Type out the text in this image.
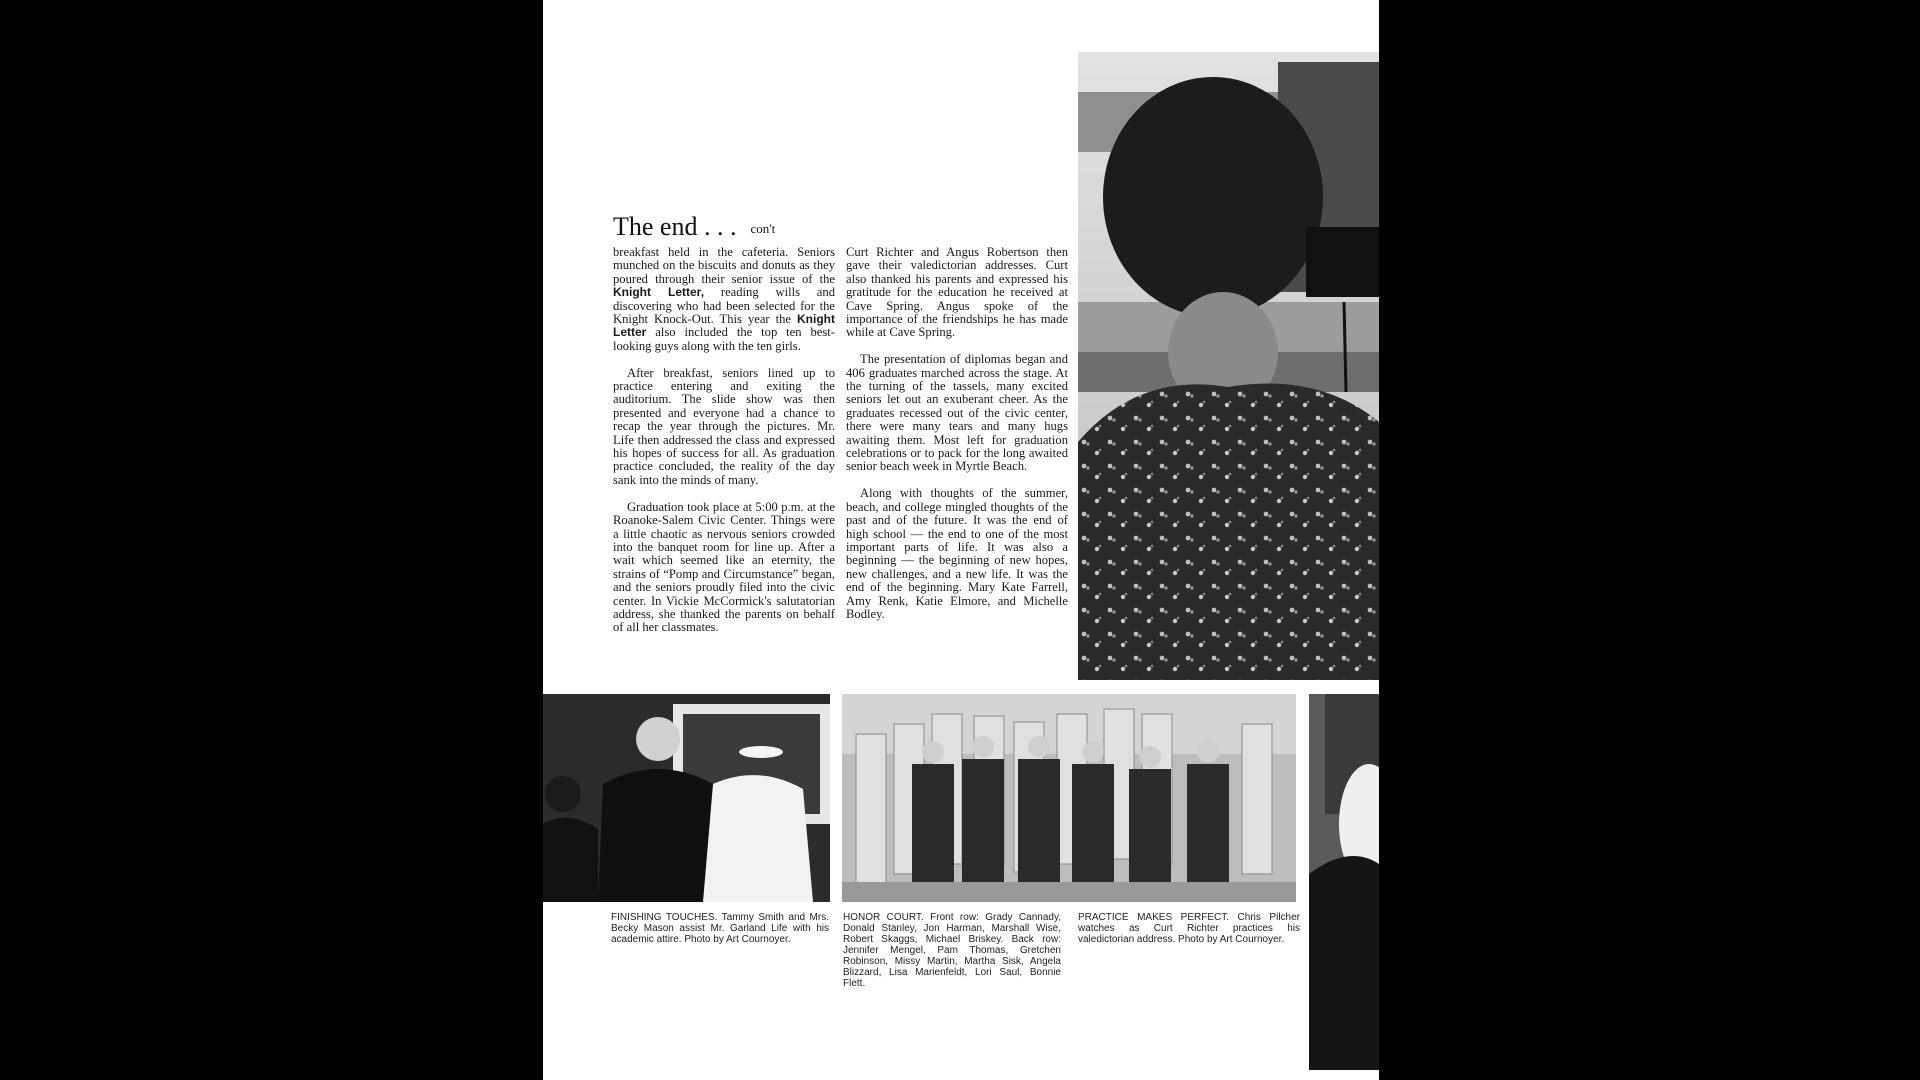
The end . . . con't

breakfast held in the cafeteria. Seniors munched on the biscuits and donuts as they poured through their senior issue of the Knight Letter, reading wills and discovering who had been selected for the Knight Knock-Out. This year the Knight Letter also included the top ten best-looking guys along with the ten girls.

After breakfast, seniors lined up to practice entering and exiting the auditorium. The slide show was then presented and everyone had a chance to recap the year through the pictures. Mr. Life then addressed the class and expressed his hopes of success for all. As graduation practice concluded, the reality of the day sank into the minds of many.

Graduation took place at 5:00 p.m. at the Roanoke-Salem Civic Center. Things were a little chaotic as nervous seniors crowded into the banquet room for line up. After a wait which seemed like an eternity, the strains of “Pomp and Circumstance” began, and the seniors proudly filed into the civic center. In Vickie McCormick's salutatorian address, she thanked the parents on behalf of all her classmates.

Curt Richter and Angus Robertson then gave their valedictorian addresses. Curt also thanked his parents and expressed his gratitude for the education he received at Cave Spring. Angus spoke of the importance of the friendships he has made while at Cave Spring.

The presentation of diplomas began and 406 graduates marched across the stage. At the turning of the tassels, many excited seniors let out an exuberant cheer. As the graduates recessed out of the civic center, there were many tears and many hugs awaiting them. Most left for graduation celebrations or to pack for the long awaited senior beach week in Myrtle Beach.

Along with thoughts of the summer, beach, and college mingled thoughts of the past and of the future. It was the end of high school — the end to one of the most important parts of life. It was also a beginning — the beginning of new hopes, new challenges, and a new life. It was the end of the beginning. Mary Kate Farrell, Amy Renk, Katie Elmore, and Michelle Bodley.

FINISHING TOUCHES. Tammy Smith and Mrs. Becky Mason assist Mr. Garland Life with his academic attire. Photo by Art Cournoyer.
HONOR COURT. Front row: Grady Cannady, Donald Stanley, Jon Harman, Marshall Wise, Robert Skaggs, Michael Briskey. Back row: Jennifer Mengel, Pam Thomas, Gretchen Robinson, Missy Martin, Martha Sisk, Angela Blizzard, Lisa Marienfeldt, Lori Saul, Bonnie Flett.
PRACTICE MAKES PERFECT. Chris Pilcher watches as Curt Richter practices his valedictorian address. Photo by Art Cournoyer.
